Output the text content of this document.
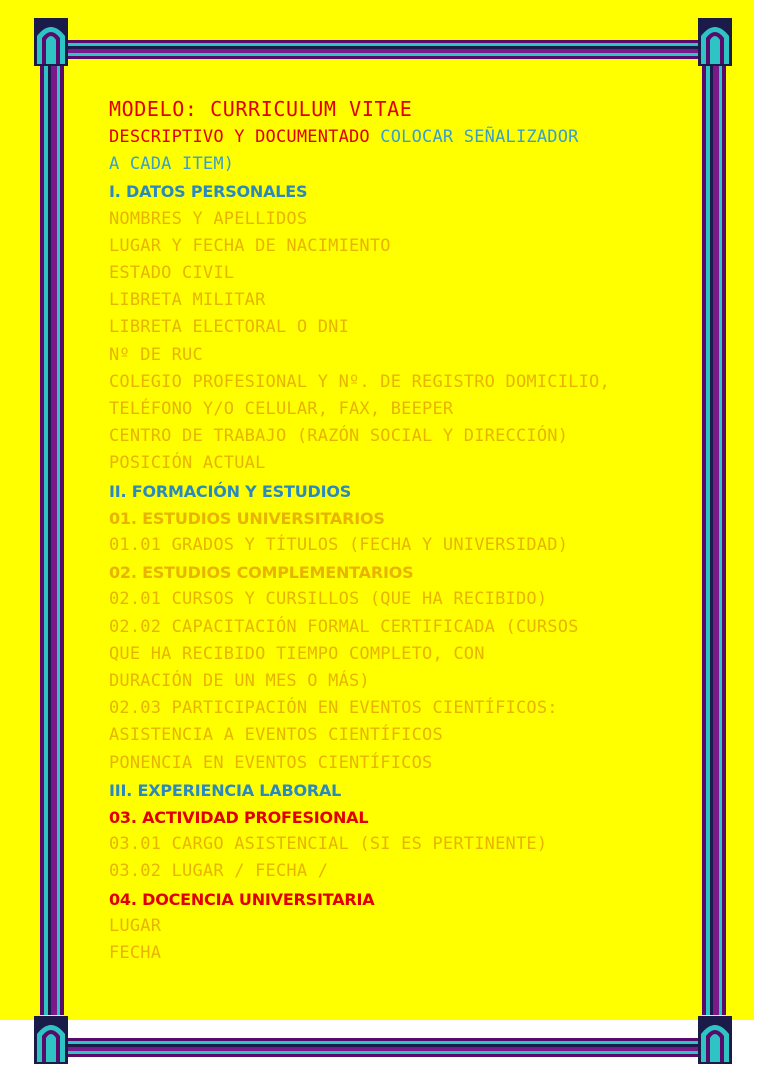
MODELO: CURRICULUM VITAE
DESCRIPTIVO Y DOCUMENTADO COLOCAR SEÑALIZADOR
A CADA ITEM)
I. DATOS PERSONALES
NOMBRES Y APELLIDOS
LUGAR Y FECHA DE NACIMIENTO
ESTADO CIVIL
LIBRETA MILITAR
LIBRETA ELECTORAL O DNI
Nº DE RUC
COLEGIO PROFESIONAL Y Nº. DE REGISTRO DOMICILIO,
TELÉFONO Y/O CELULAR, FAX, BEEPER
CENTRO DE TRABAJO (RAZÓN SOCIAL Y DIRECCIÓN)
POSICIÓN ACTUAL
II. FORMACIÓN Y ESTUDIOS
01. ESTUDIOS UNIVERSITARIOS
01.01 GRADOS Y TÍTULOS (FECHA Y UNIVERSIDAD)
02. ESTUDIOS COMPLEMENTARIOS
02.01 CURSOS Y CURSILLOS (QUE HA RECIBIDO)
02.02 CAPACITACIÓN FORMAL CERTIFICADA (CURSOS
QUE HA RECIBIDO TIEMPO COMPLETO, CON
DURACIÓN DE UN MES O MÁS)
02.03 PARTICIPACIÓN EN EVENTOS CIENTÍFICOS:
ASISTENCIA A EVENTOS CIENTÍFICOS
PONENCIA EN EVENTOS CIENTÍFICOS
III. EXPERIENCIA LABORAL
03. ACTIVIDAD PROFESIONAL
03.01 CARGO ASISTENCIAL (SI ES PERTINENTE)
03.02 LUGAR / FECHA /
04. DOCENCIA UNIVERSITARIA
LUGAR
FECHA
